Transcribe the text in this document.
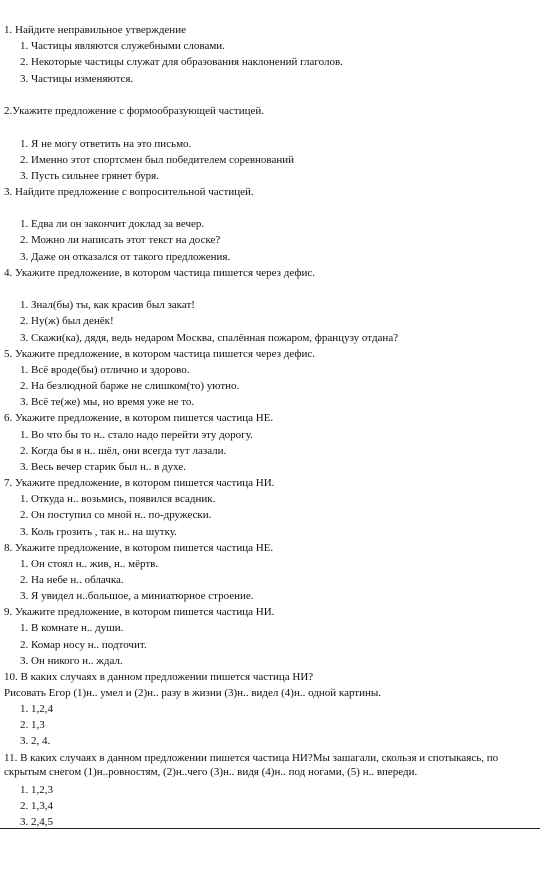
1. Найдите неправильное утверждение
1. Частицы являются служебными словами.
2. Некоторые частицы служат для образования наклонений глаголов.
3. Частицы изменяются.
2.Укажите предложение с формообразующей частицей.
1. Я не могу ответить на это письмо.
2. Именно этот спортсмен был победителем соревнований
3. Пусть сильнее грянет буря.
3. Найдите предложение с вопросительной частицей.
1. Едва ли он закончит доклад за вечер.
2. Можно ли написать этот текст на доске?
3. Даже он отказался от такого предложения.
4. Укажите предложение, в котором частица пишется через дефис.
1. Знал(бы) ты, как красив был закат!
2. Ну(ж) был денёк!
3. Скажи(ка), дядя, ведь недаром Москва, спалённая пожаром, французу отдана?
5. Укажите предложение, в котором частица пишется через дефис.
1. Всё вроде(бы) отлично и здорово.
2. На безлюдной барже не слишком(то) уютно.
3. Всё те(же) мы, но время уже не то.
6. Укажите предложение, в котором пишется частица НЕ.
1. Во что бы то н.. стало надо перейти эту дорогу.
2. Когда бы я н.. шёл, они всегда тут лазали.
3. Весь вечер старик был н.. в духе.
7. Укажите предложение, в котором пишется частица НИ.
1. Откуда н.. возьмись, появился всадник.
2. Он поступил со мной н.. по-дружески.
3. Коль грозить , так н.. на шутку.
8. Укажите предложение, в котором пишется частица НЕ.
1. Он стоял н.. жив, н.. мёртв.
2. На небе н.. облачка.
3. Я увидел н..большое, а миниатюрное строение.
9. Укажите предложение, в котором пишется частица НИ.
1. В комнате н.. души.
2. Комар носу н.. подточит.
3. Он никого н.. ждал.
10. В каких случаях в данном предложении пишется частица НИ?
Рисовать Егор (1)н.. умел и (2)н.. разу в жизни (3)н.. видел (4)н.. одной картины.
1. 1,2,4
2. 1,3
3. 2, 4.
11. В каких случаях в данном предложении пишется частица НИ?Мы зашагали, скользя и спотыкаясь, по скрытым снегом (1)н..ровностям, (2)н..чего (3)н.. видя (4)н.. под ногами, (5) н.. впереди.
1. 1,2,3
2. 1,3,4
3. 2,4,5
